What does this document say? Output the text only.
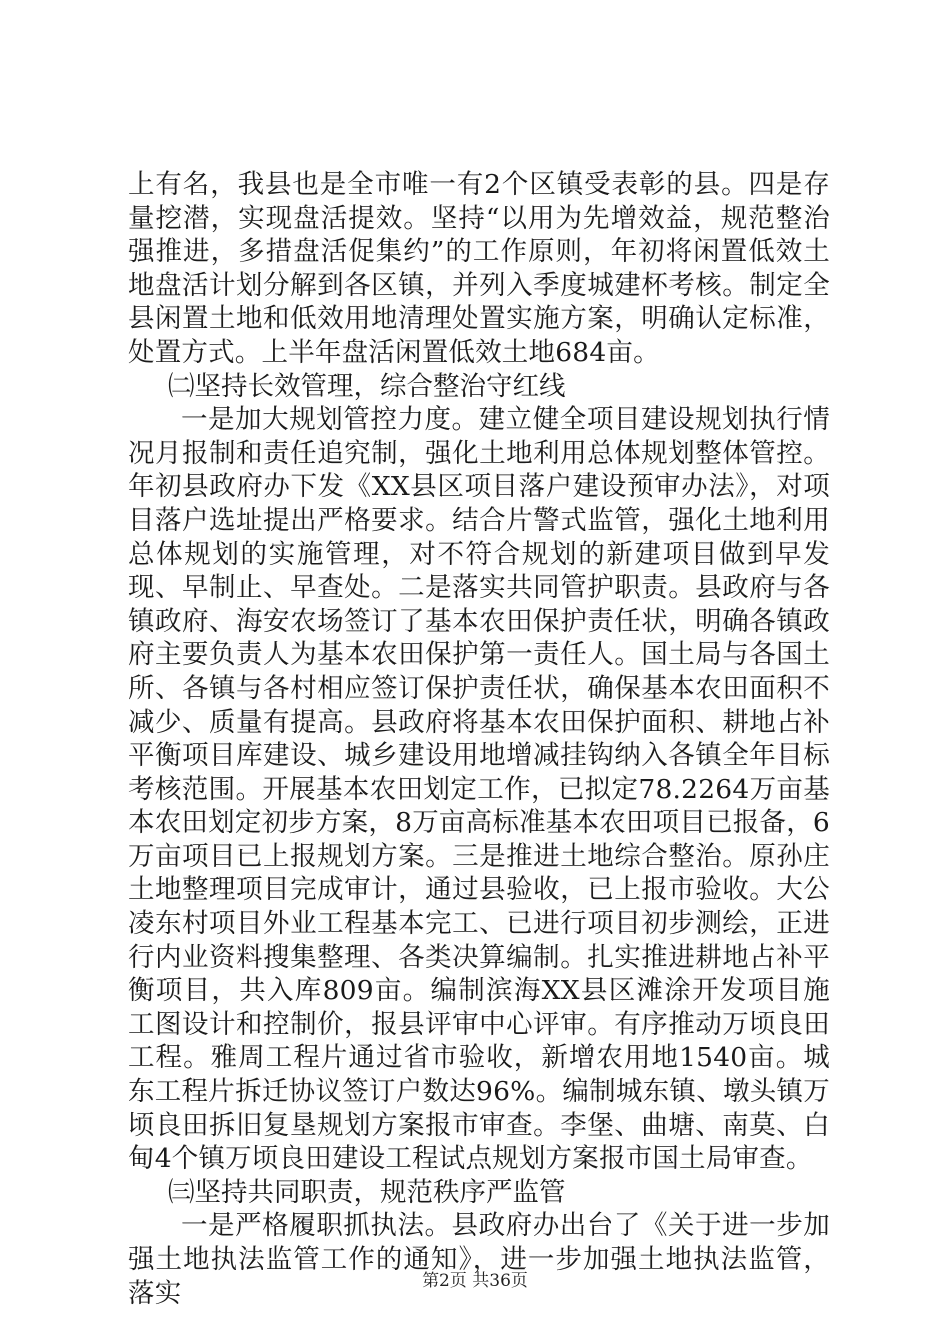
上有名，我县也是全市唯一有2个区镇受表彰的县。四是存量挖潜，实现盘活提效。坚持“以用为先增效益，规范整治强推进，多措盘活促集约”的工作原则，年初将闲置低效土地盘活计划分解到各区镇，并列入季度城建杯考核。制定全县闲置土地和低效用地清理处置实施方案，明确认定标准，处置方式。上半年盘活闲置低效土地684亩。

㈡坚持长效管理，综合整治守红线

一是加大规划管控力度。建立健全项目建设规划执行情况月报制和责任追究制，强化土地利用总体规划整体管控。年初县政府办下发《XX县区项目落户建设预审办法》，对项目落户选址提出严格要求。结合片警式监管，强化土地利用总体规划的实施管理，对不符合规划的新建项目做到早发现、早制止、早查处。二是落实共同管护职责。县政府与各镇政府、海安农场签订了基本农田保护责任状，明确各镇政府主要负责人为基本农田保护第一责任人。国土局与各国土所、各镇与各村相应签订保护责任状，确保基本农田面积不减少、质量有提高。县政府将基本农田保护面积、耕地占补平衡项目库建设、城乡建设用地增减挂钩纳入各镇全年目标考核范围。开展基本农田划定工作，已拟定78.2264万亩基本农田划定初步方案，8万亩高标准基本农田项目已报备，6万亩项目已上报规划方案。三是推进土地综合整治。原孙庄土地整理项目完成审计，通过县验收，已上报市验收。大公凌东村项目外业工程基本完工、已进行项目初步测绘，正进行内业资料搜集整理、各类决算编制。扎实推进耕地占补平衡项目，共入库809亩。编制滨海XX县区滩涂开发项目施工图设计和控制价，报县评审中心评审。有序推动万顷良田工程。雅周工程片通过省市验收，新增农用地1540亩。城东工程片拆迁协议签订户数达96%。编制城东镇、墩头镇万顷良田拆旧复垦规划方案报市审查。李堡、曲塘、南莫、白甸4个镇万顷良田建设工程试点规划方案报市国土局审查。

㈢坚持共同职责，规范秩序严监管

一是严格履职抓执法。县政府办出台了《关于进一步加强土地执法监管工作的通知》，进一步加强土地执法监管，落实	第2页 共36页
